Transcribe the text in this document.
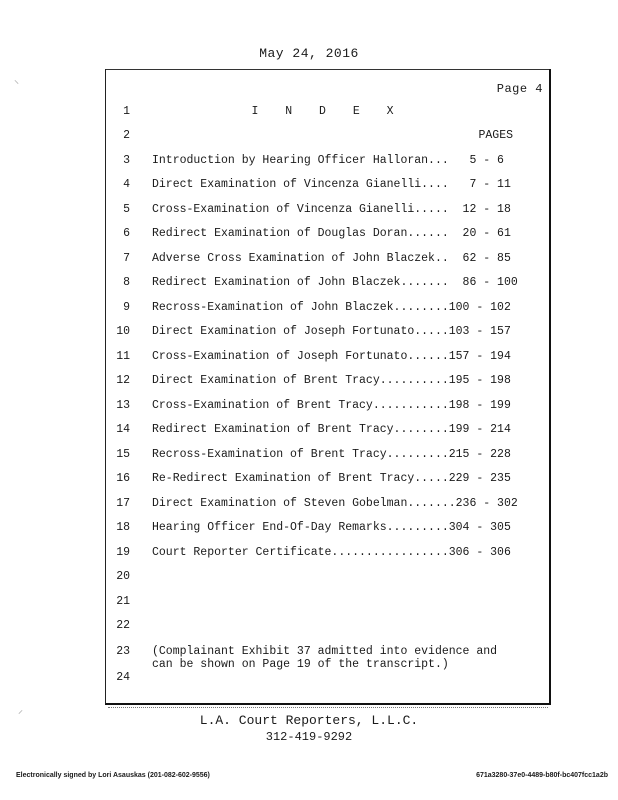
May 24, 2016
⸜
⸝
Page 4

1

	I N D E X

2

	PAGES

3

Introduction by Hearing Officer Halloran...   5 - 6

4

Direct Examination of Vincenza Gianelli....   7 - 11

5

Cross-Examination of Vincenza Gianelli.....  12 - 18

6

Redirect Examination of Douglas Doran......  20 - 61

7

Adverse Cross Examination of John Blaczek..  62 - 85

8

Redirect Examination of John Blaczek.......  86 - 100

9

Recross-Examination of John Blaczek........100 - 102

10

Direct Examination of Joseph Fortunato.....103 - 157

11

Cross-Examination of Joseph Fortunato......157 - 194

12

Direct Examination of Brent Tracy..........195 - 198

13

Cross-Examination of Brent Tracy...........198 - 199

14

Redirect Examination of Brent Tracy........199 - 214

15

Recross-Examination of Brent Tracy.........215 - 228

16

Re-Redirect Examination of Brent Tracy.....229 - 235

17

Direct Examination of Steven Gobelman.......236 - 302

18

Hearing Officer End-Of-Day Remarks.........304 - 305

19

Court Reporter Certificate.................306 - 306

20

21

22

23

(Complainant Exhibit 37 admitted into evidence and

can be shown on Page 19 of the transcript.)

24

L.A. Court Reporters, L.L.C.
312-419-9292
Electronically signed by Lori Asauskas (201-082-602-9556)	671a3280-37e0-4489-b80f-bc407fcc1a2b
